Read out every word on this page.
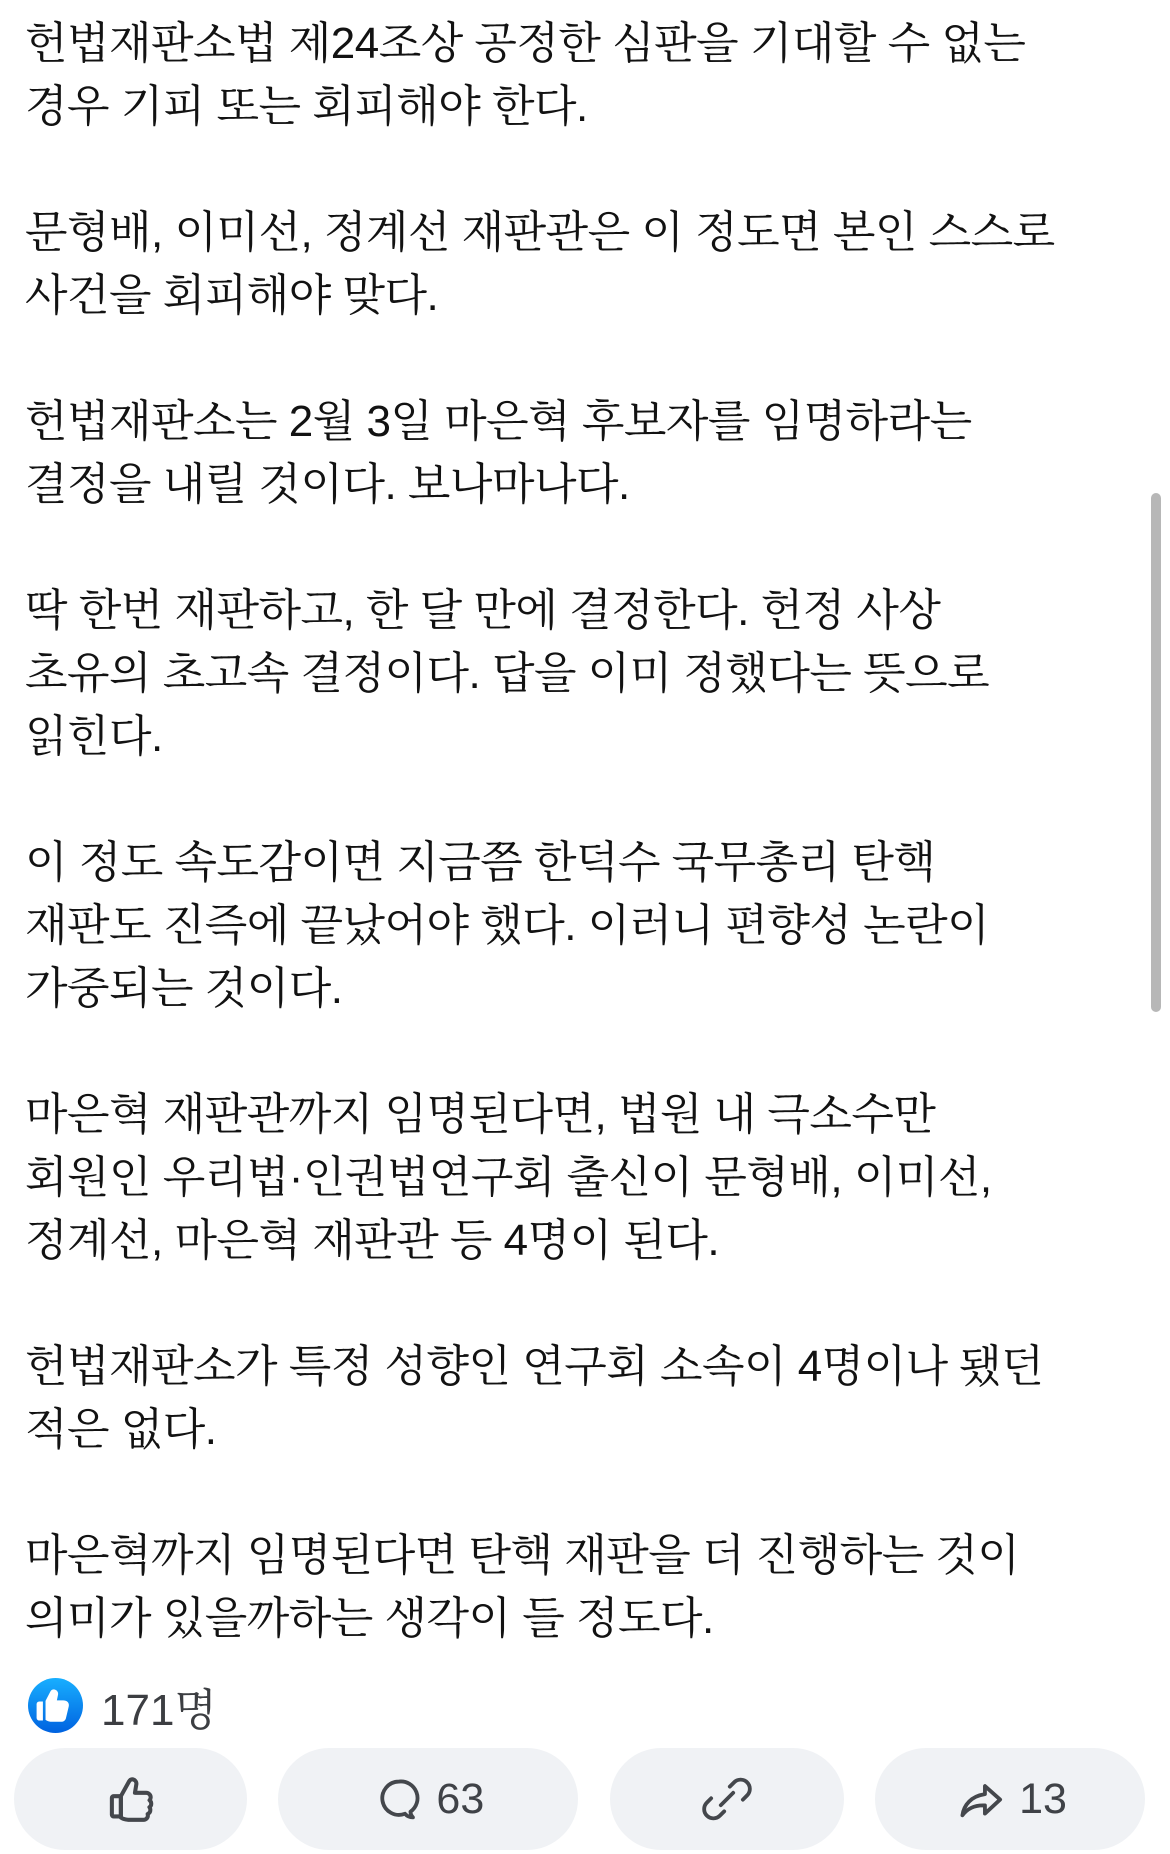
헌법재판소법 제24조상 공정한 심판을 기대할 수 없는
경우 기피 또는 회피해야 한다.

문형배, 이미선, 정계선 재판관은 이 정도면 본인 스스로
사건을 회피해야 맞다.

헌법재판소는 2월 3일 마은혁 후보자를 임명하라는
결정을 내릴 것이다. 보나마나다.

딱 한번 재판하고, 한 달 만에 결정한다. 헌정 사상
초유의 초고속 결정이다. 답을 이미 정했다는 뜻으로
읽힌다.

이 정도 속도감이면 지금쯤 한덕수 국무총리 탄핵
재판도 진즉에 끝났어야 했다. 이러니 편향성 논란이
가중되는 것이다.

마은혁 재판관까지 임명된다면, 법원 내 극소수만
회원인 우리법·인권법연구회 출신이 문형배, 이미선,
정계선, 마은혁 재판관 등 4명이 된다.

헌법재판소가 특정 성향인 연구회 소속이 4명이나 됐던
적은 없다.

마은혁까지 임명된다면 탄핵 재판을 더 진행하는 것이
의미가 있을까하는 생각이 들 정도다.

171명
63	13
